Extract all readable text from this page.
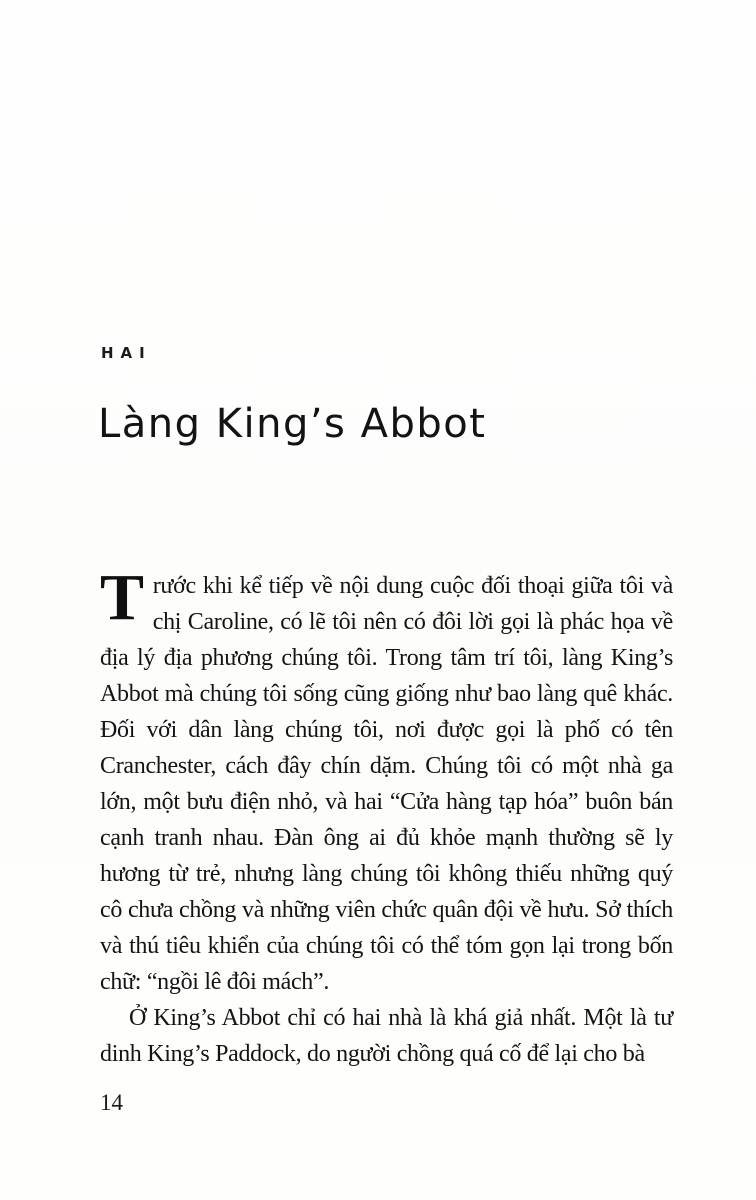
HAI
Làng King’s Abbot

Trước khi kể tiếp về nội dung cuộc đối thoại giữa tôi và chị Caroline, có lẽ tôi nên có đôi lời gọi là phác họa về địa lý địa phương chúng tôi. Trong tâm trí tôi, làng King’s Abbot mà chúng tôi sống cũng giống như bao làng quê khác. Đối với dân làng chúng tôi, nơi được gọi là phố có tên Cranchester, cách đây chín dặm. Chúng tôi có một nhà ga lớn, một bưu điện nhỏ, và hai “Cửa hàng tạp hóa” buôn bán cạnh tranh nhau. Đàn ông ai đủ khỏe mạnh thường sẽ ly hương từ trẻ, nhưng làng chúng tôi không thiếu những quý cô chưa chồng và những viên chức quân đội về hưu. Sở thích và thú tiêu khiển của chúng tôi có thể tóm gọn lại trong bốn chữ: “ngồi lê đôi mách”.

Ở King’s Abbot chỉ có hai nhà là khá giả nhất. Một là tư dinh King’s Paddock, do người chồng quá cố để lại cho bà

14
